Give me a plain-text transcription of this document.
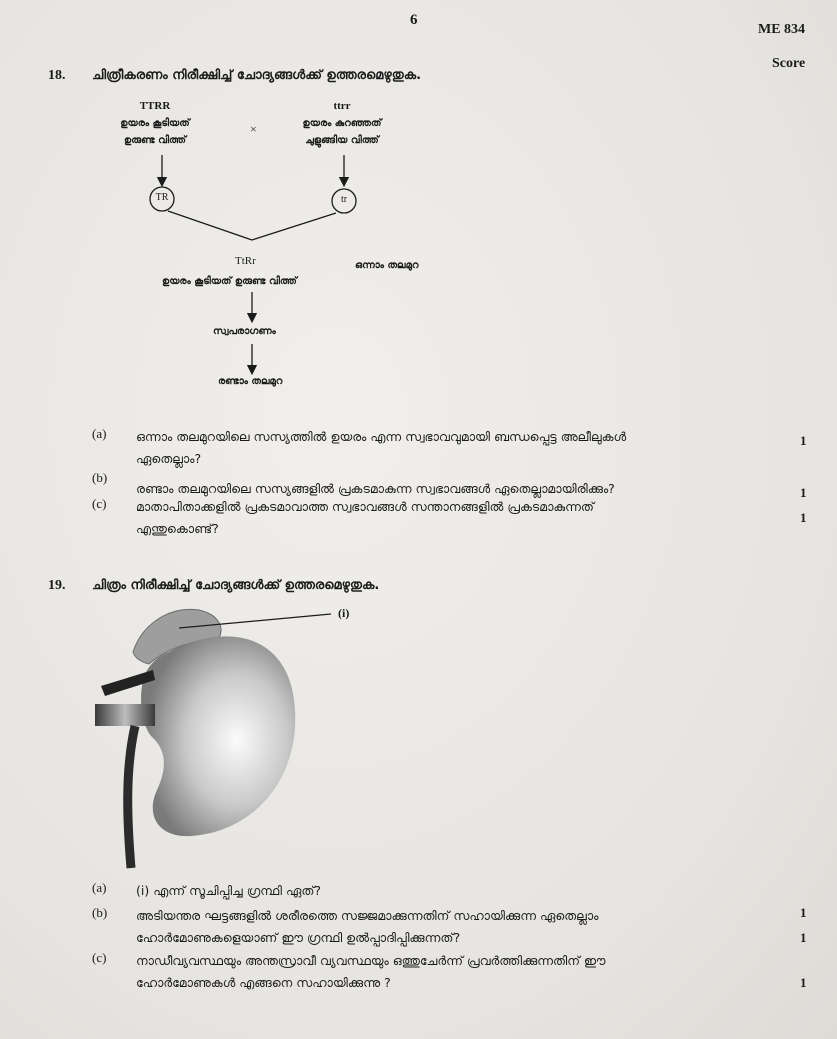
6
ME 834
Score
18. ചിത്രീകരണം നിരീക്ഷിച്ച് ചോദ്യങ്ങൾക്ക് ഉത്തരമെഴുതുക.
TTRR
ഉയരം കൂടിയത്
ഉരുണ്ട വിത്ത്
×
ttrr
ഉയരം കുറഞ്ഞത്
ചുളുങ്ങിയ വിത്ത്
TR	tr
TtRr
ഉയരം കൂടിയത് ഉരുണ്ട വിത്ത്
ഒന്നാം തലമുറ
സ്വപരാഗണം
രണ്ടാം തലമുറ
(a) ഒന്നാം തലമുറയിലെ സസ്യത്തിൽ ഉയരം എന്ന സ്വഭാവവുമായി ബന്ധപ്പെട്ട അലീലുകൾ
ഏതെല്ലാം?
1
(b)
രണ്ടാം തലമുറയിലെ സസ്യങ്ങളിൽ പ്രകടമാകുന്ന സ്വഭാവങ്ങൾ ഏതെല്ലാമായിരിക്കും?	1
(c) മാതാപിതാക്കളിൽ പ്രകടമാവാത്ത സ്വഭാവങ്ങൾ സന്താനങ്ങളിൽ പ്രകടമാകുന്നത്
എന്തുകൊണ്ട്?
1
19. ചിത്രം നിരീക്ഷിച്ച് ചോദ്യങ്ങൾക്ക് ഉത്തരമെഴുതുക.
(i)
(a) (i) എന്ന് സൂചിപ്പിച്ച ഗ്രന്ഥി ഏത്?
(b) അടിയന്തര ഘട്ടങ്ങളിൽ ശരീരത്തെ സജ്ജമാക്കുന്നതിന് സഹായിക്കുന്ന ഏതെല്ലാം
ഹോർമോണുകളെയാണ് ഈ ഗ്രന്ഥി ഉൽപ്പാദിപ്പിക്കുന്നത്?
1
1
(c) നാഡീവ്യവസ്ഥയും അന്തസ്രാവീ വ്യവസ്ഥയും ഒത്തുചേർന്ന് പ്രവർത്തിക്കുന്നതിന് ഈ
ഹോർമോണുകൾ എങ്ങനെ സഹായിക്കുന്നു ?	1
